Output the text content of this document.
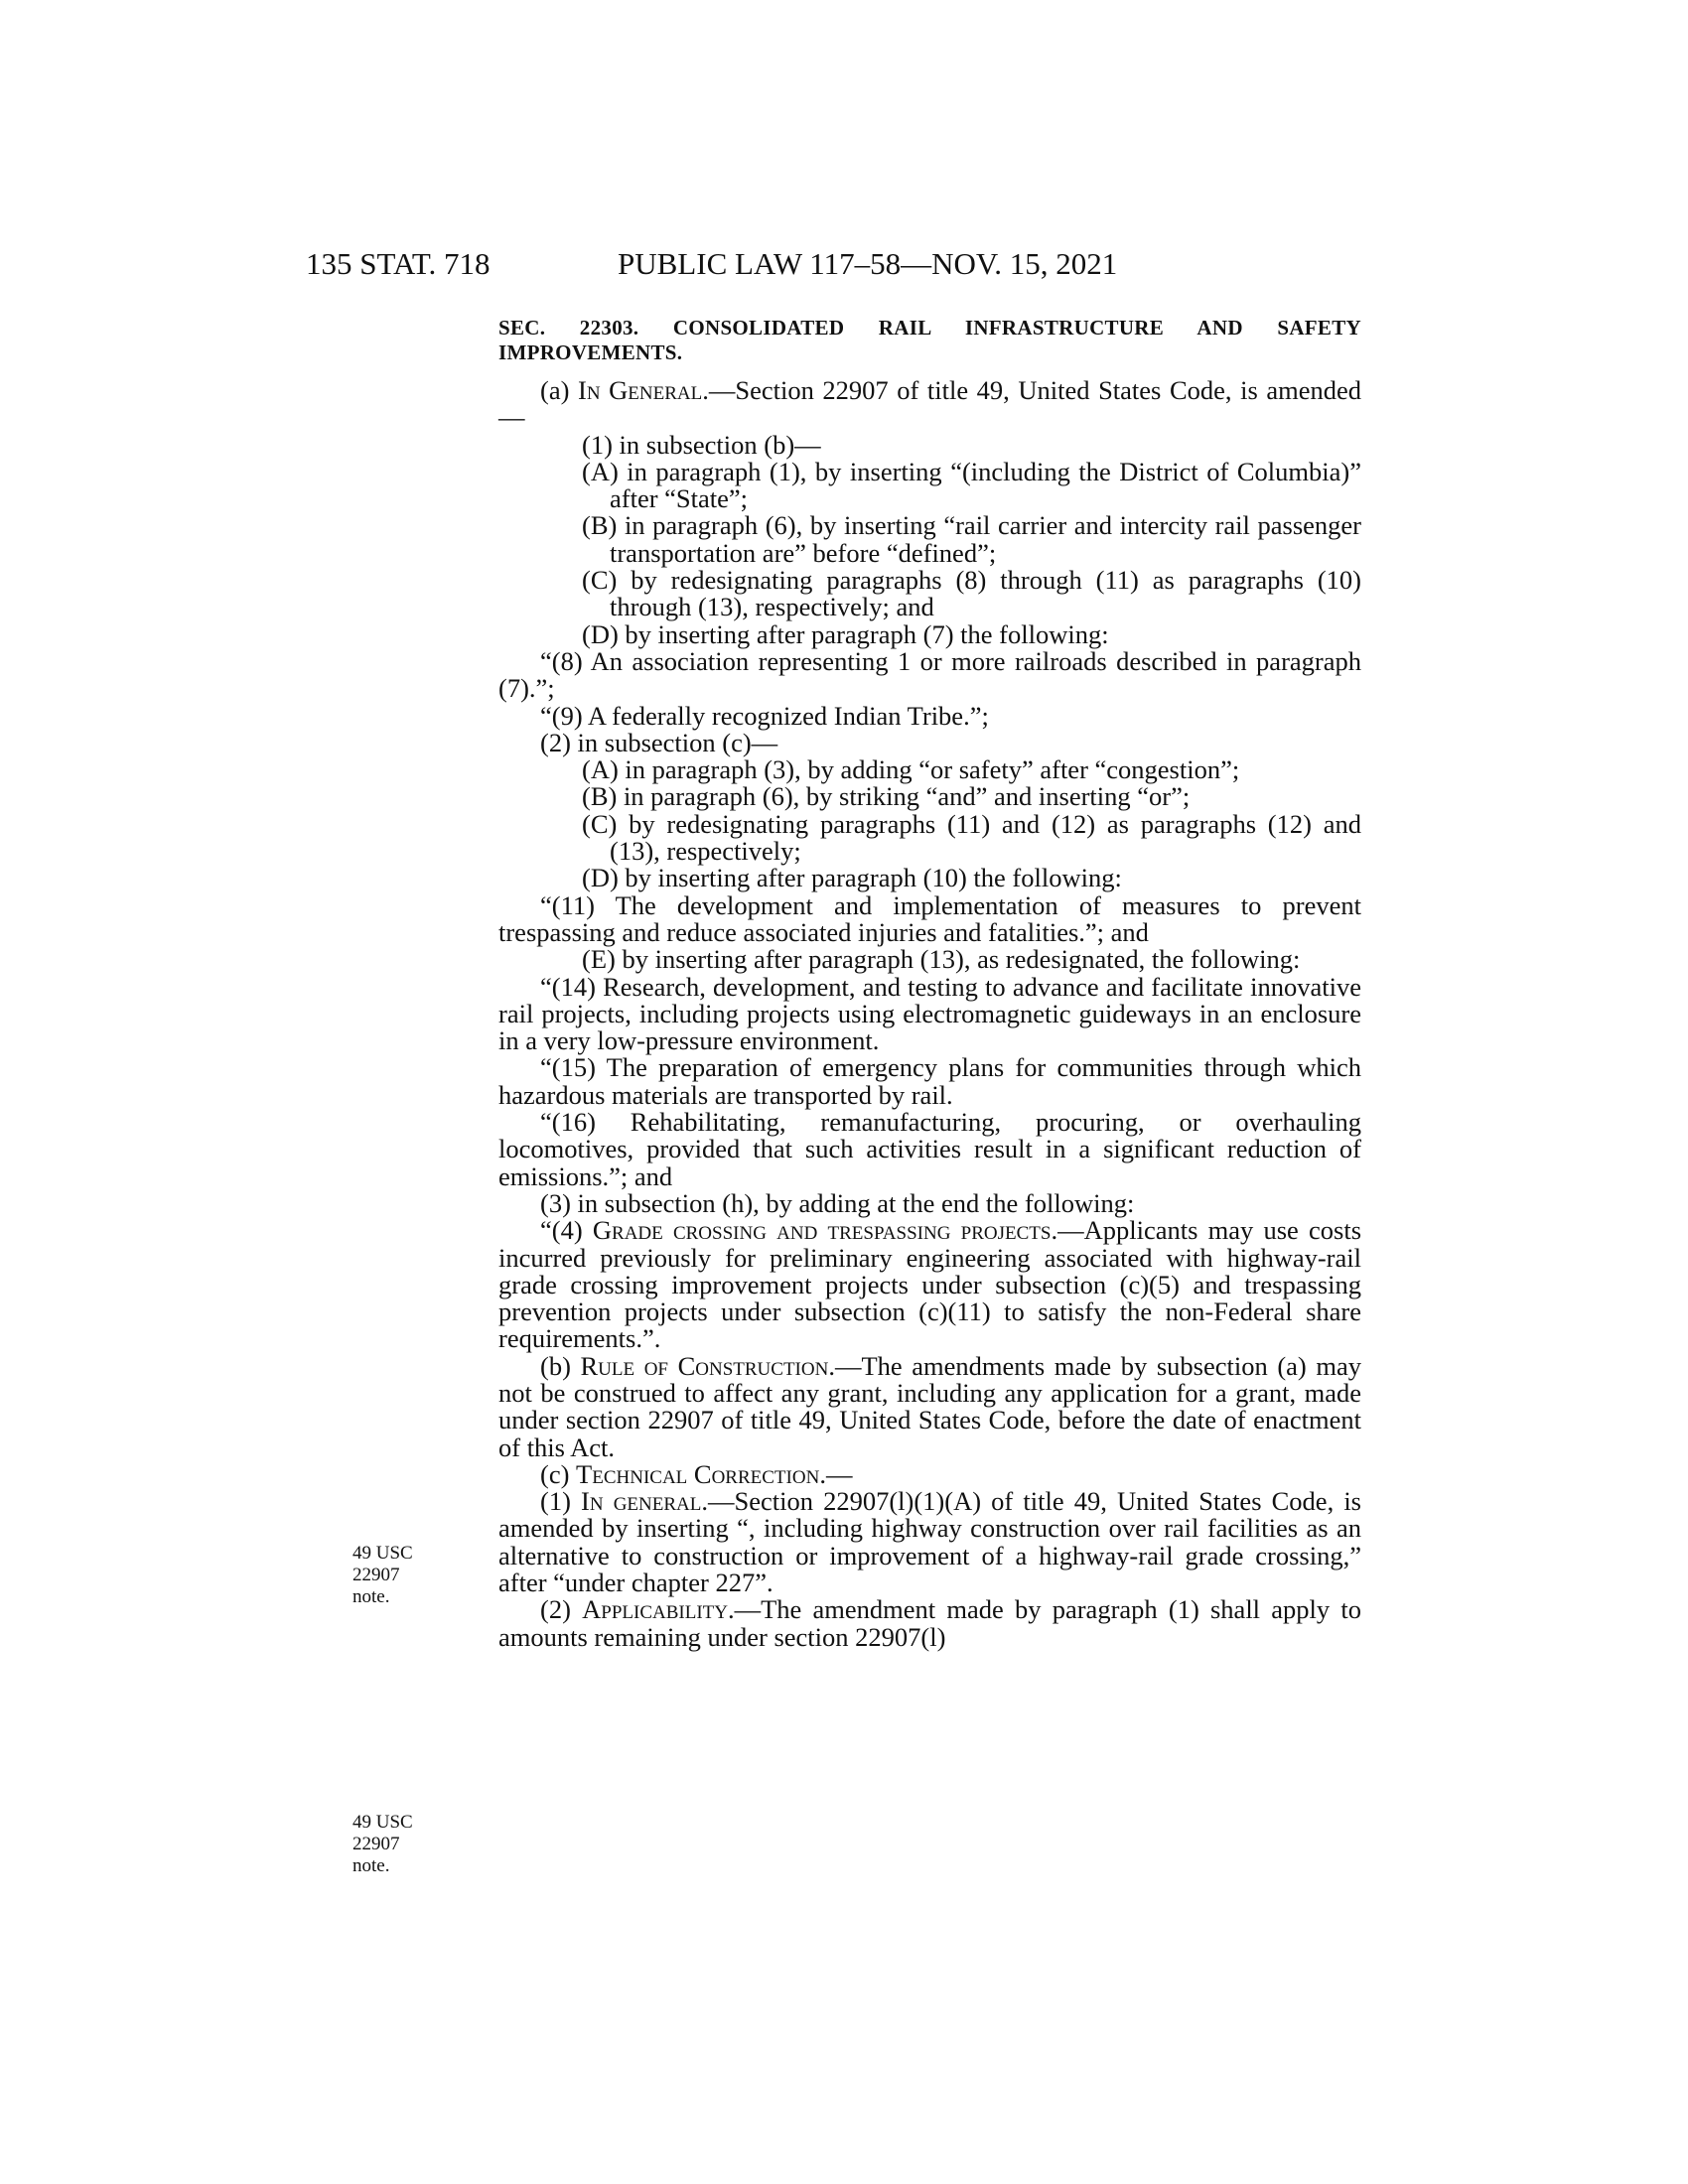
135 STAT. 718	PUBLIC LAW 117–58—NOV. 15, 2021
49 USC 22907
note.
49 USC 22907
note.
SEC. 22303. CONSOLIDATED RAIL INFRASTRUCTURE AND SAFETY
IMPROVEMENTS.

(a) In General.—Section 22907 of title 49, United States Code, is amended—

(1) in subsection (b)—

(A) in paragraph (1), by inserting “(including the District of Columbia)” after “State”;

(B) in paragraph (6), by inserting “rail carrier and intercity rail passenger transportation are” before “defined”;

(C) by redesignating paragraphs (8) through (11) as paragraphs (10) through (13), respectively; and

(D) by inserting after paragraph (7) the following:

“(8) An association representing 1 or more railroads described in paragraph (7).”;

“(9) A federally recognized Indian Tribe.”;

(2) in subsection (c)—

(A) in paragraph (3), by adding “or safety” after “congestion”;

(B) in paragraph (6), by striking “and” and inserting “or”;

(C) by redesignating paragraphs (11) and (12) as paragraphs (12) and (13), respectively;

(D) by inserting after paragraph (10) the following:

“(11) The development and implementation of measures to prevent trespassing and reduce associated injuries and fatalities.”; and

(E) by inserting after paragraph (13), as redesignated, the following:

“(14) Research, development, and testing to advance and facilitate innovative rail projects, including projects using electromagnetic guideways in an enclosure in a very low-pressure environment.

“(15) The preparation of emergency plans for communities through which hazardous materials are transported by rail.

“(16) Rehabilitating, remanufacturing, procuring, or overhauling locomotives, provided that such activities result in a significant reduction of emissions.”; and

(3) in subsection (h), by adding at the end the following:

“(4) Grade crossing and trespassing projects.—Applicants may use costs incurred previously for preliminary engineering associated with highway-rail grade crossing improvement projects under subsection (c)(5) and trespassing prevention projects under subsection (c)(11) to satisfy the non-Federal share requirements.”.

(b) Rule of Construction.—The amendments made by subsection (a) may not be construed to affect any grant, including any application for a grant, made under section 22907 of title 49, United States Code, before the date of enactment of this Act.

(c) Technical Correction.—

(1) In general.—Section 22907(l)(1)(A) of title 49, United States Code, is amended by inserting “, including highway construction over rail facilities as an alternative to construction or improvement of a highway-rail grade crossing,” after “under chapter 227”.

(2) Applicability.—The amendment made by paragraph (1) shall apply to amounts remaining under section 22907(l)
